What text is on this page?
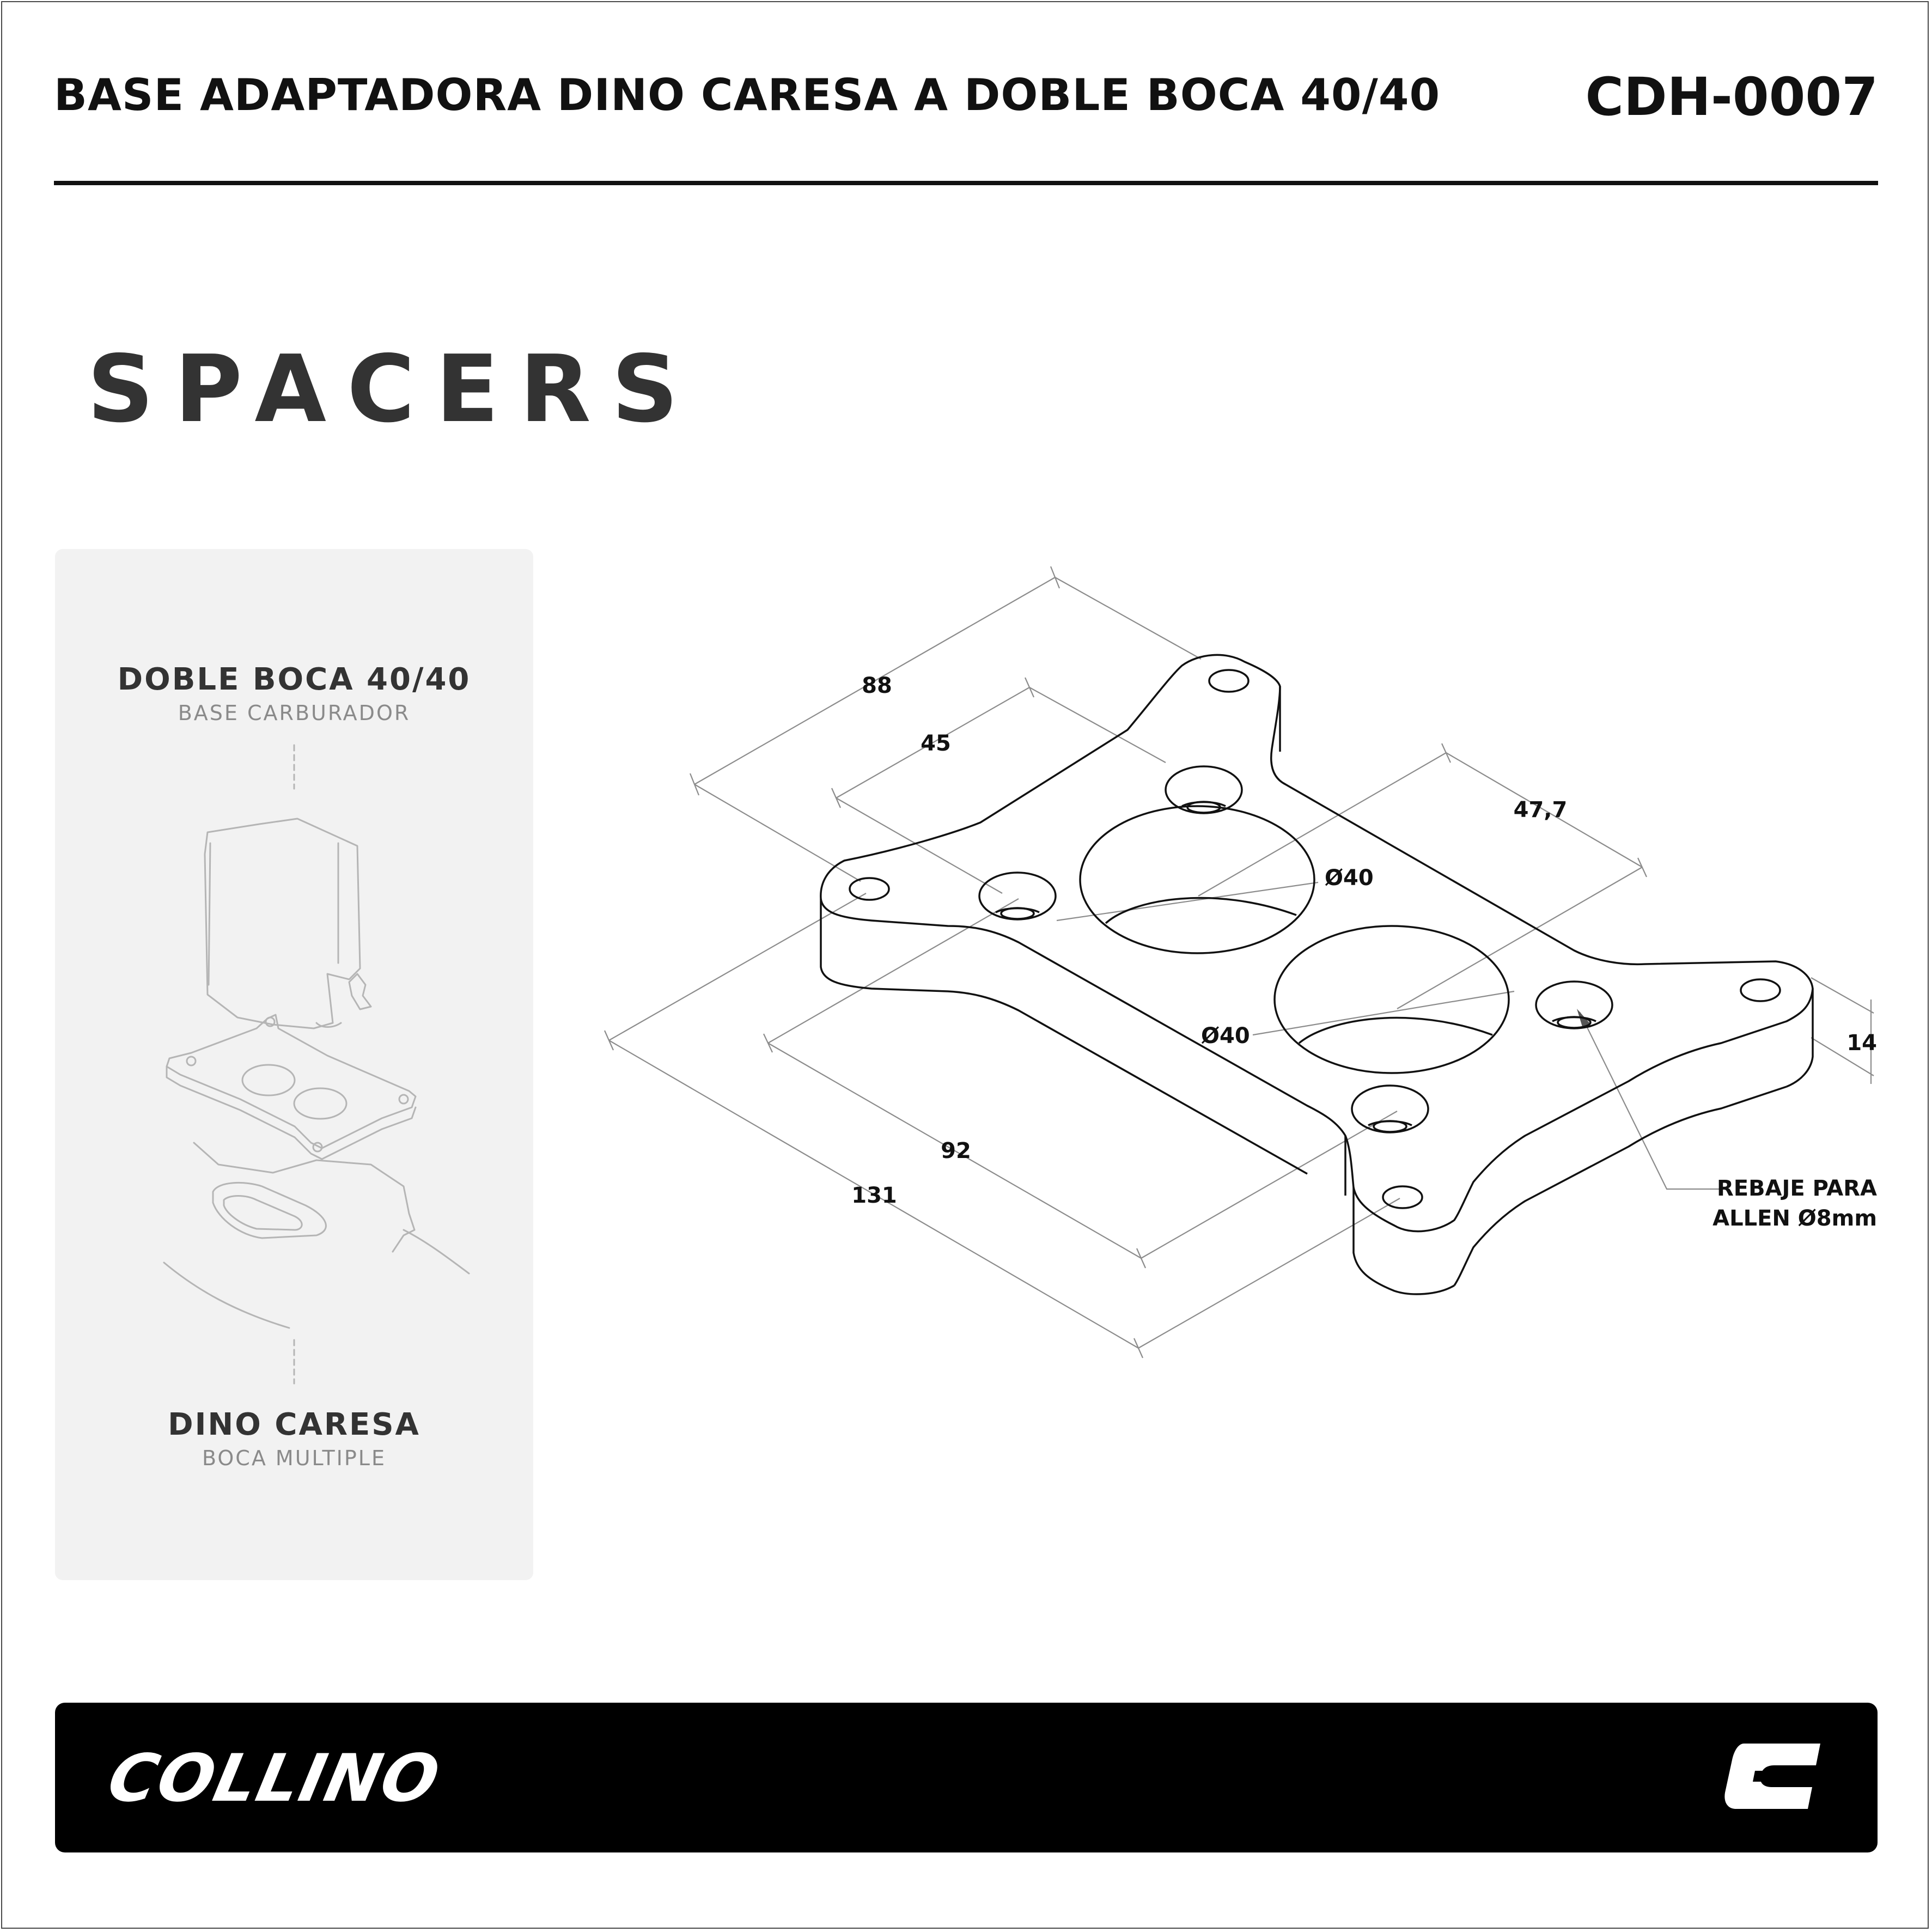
BASE ADAPTADORA DINO CARESA A DOBLE BOCA 40/40	CDH-0007
SPACERS
DOBLE BOCA 40/40
BASE CARBURADOR
DINO CARESA
BOCA MULTIPLE
88
45
47,7
Ø40
Ø40	14
92
131	REBAJE PARA
ALLEN Ø8mm
COLLINO
